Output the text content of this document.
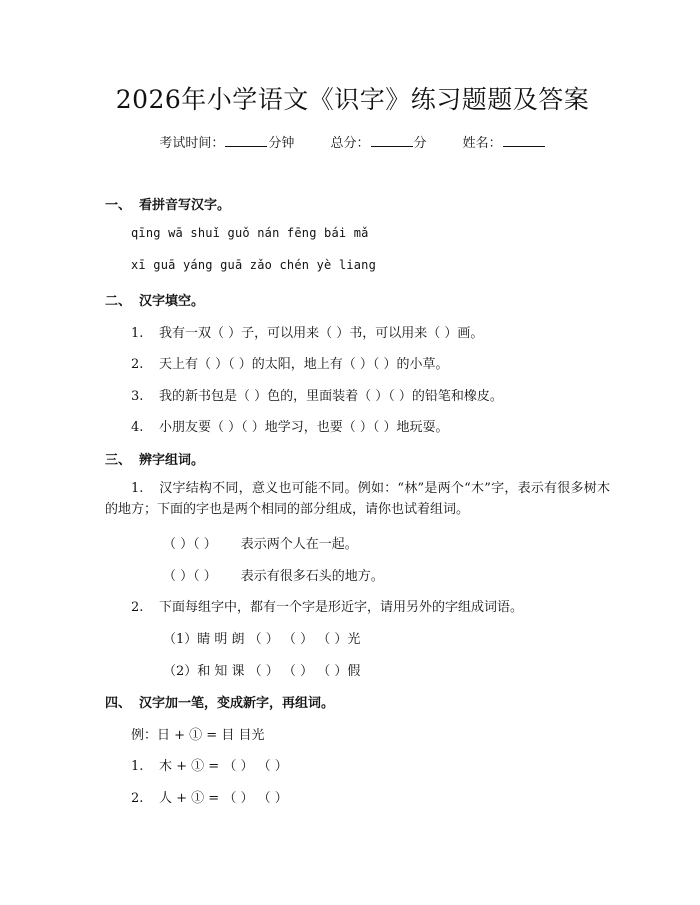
2026年小学语文《识字》练习题题及答案
考试时间：	分钟	总分：	分	姓名：

一、 看拼音写汉字。

qīng wā shuǐ guǒ nán fēng bái mǎ

xī guā yáng guā zǎo chén yè liang

二、 汉字填空。

1. 我有一双（ ）子，可以用来（ ）书，可以用来（ ）画。

2. 天上有（ ）（ ）的太阳，地上有（ ）（ ）的小草。

3. 我的新书包是（ ）色的，里面装着（ ）（ ）的铅笔和橡皮。

4. 小朋友要（ ）（ ）地学习，也要（ ）（ ）地玩耍。

三、 辨字组词。

1. 汉字结构不同，意义也可能不同。例如：“林”是两个“木”字，表示有很多树木的地方；下面的字也是两个相同的部分组成，请你也试着组词。

（ ）（ ） 表示两个人在一起。

（ ）（ ） 表示有很多石头的地方。

2. 下面每组字中，都有一个字是形近字，请用另外的字组成词语。

（1）睛 明 朗 （ ） （ ） （ ）光

（2）和 知 课 （ ） （ ） （ ）假

四、 汉字加一笔，变成新字，再组词。

例：日 + ① = 目 目光

1. 木 + ① = （ ） （ ）

2. 人 + ① = （ ） （ ）
